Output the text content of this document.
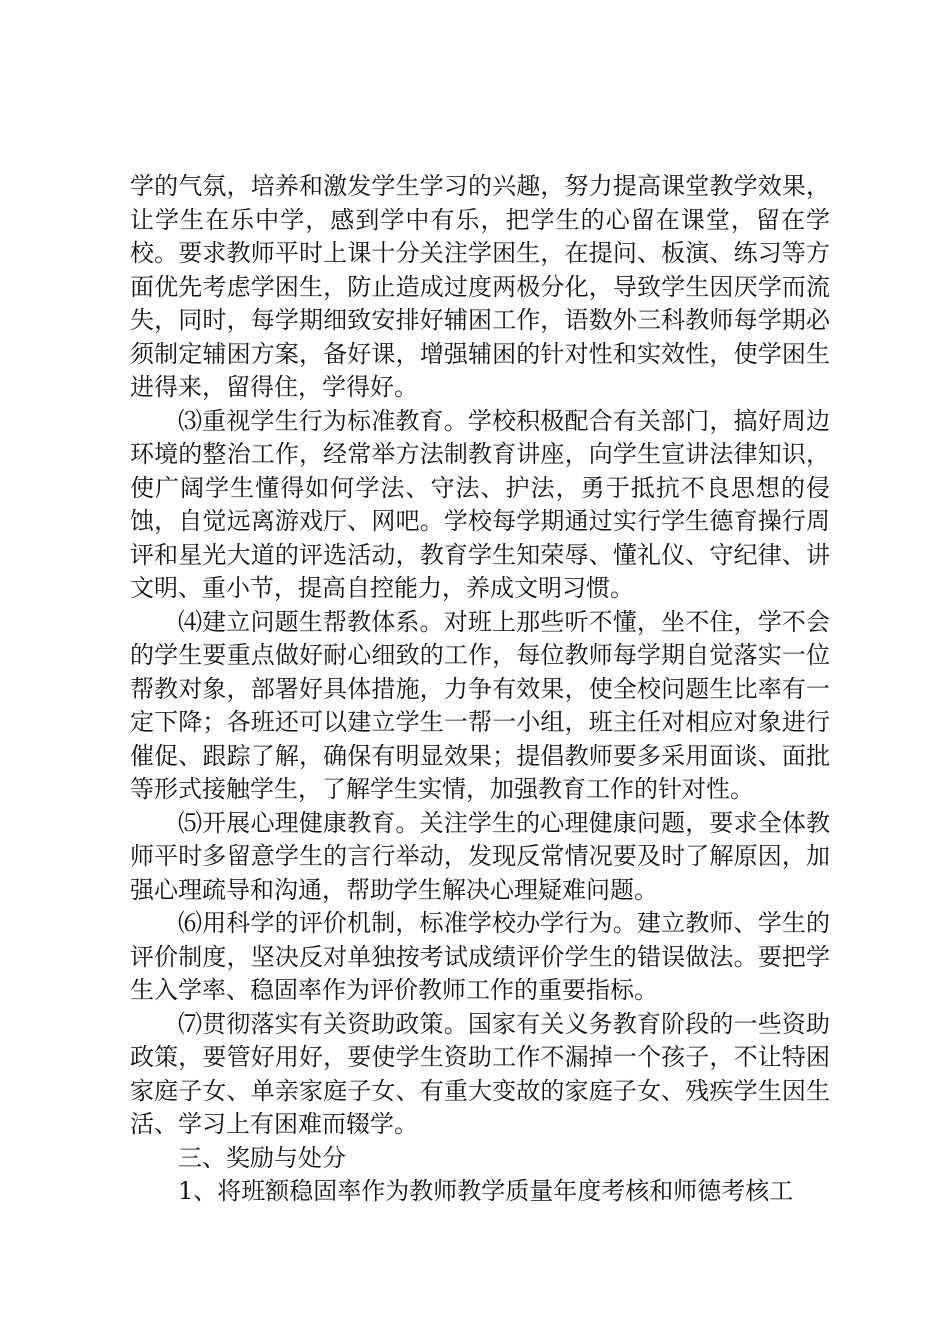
学的气氛，培养和激发学生学习的兴趣，努力提高课堂教学效果，让学生在乐中学，感到学中有乐，把学生的心留在课堂，留在学校。要求教师平时上课十分关注学困生，在提问、板演、练习等方面优先考虑学困生，防止造成过度两极分化，导致学生因厌学而流失，同时，每学期细致安排好辅困工作，语数外三科教师每学期必须制定辅困方案，备好课，增强辅困的针对性和实效性，使学困生进得来，留得住，学得好。

⑶重视学生行为标准教育。学校积极配合有关部门，搞好周边环境的整治工作，经常举方法制教育讲座，向学生宣讲法律知识，使广阔学生懂得如何学法、守法、护法，勇于抵抗不良思想的侵蚀，自觉远离游戏厅、网吧。学校每学期通过实行学生德育操行周评和星光大道的评选活动，教育学生知荣辱、懂礼仪、守纪律、讲文明、重小节，提高自控能力，养成文明习惯。

⑷建立问题生帮教体系。对班上那些听不懂，坐不住，学不会的学生要重点做好耐心细致的工作，每位教师每学期自觉落实一位帮教对象，部署好具体措施，力争有效果，使全校问题生比率有一定下降；各班还可以建立学生一帮一小组，班主任对相应对象进行催促、跟踪了解，确保有明显效果；提倡教师要多采用面谈、面批等形式接触学生，了解学生实情，加强教育工作的针对性。

⑸开展心理健康教育。关注学生的心理健康问题，要求全体教师平时多留意学生的言行举动，发现反常情况要及时了解原因，加强心理疏导和沟通，帮助学生解决心理疑难问题。

⑹用科学的评价机制，标准学校办学行为。建立教师、学生的评价制度，坚决反对单独按考试成绩评价学生的错误做法。要把学生入学率、稳固率作为评价教师工作的重要指标。

⑺贯彻落实有关资助政策。国家有关义务教育阶段的一些资助政策，要管好用好，要使学生资助工作不漏掉一个孩子，不让特困家庭子女、单亲家庭子女、有重大变故的家庭子女、残疾学生因生活、学习上有困难而辍学。

三、奖励与处分

1、将班额稳固率作为教师教学质量年度考核和师德考核工
